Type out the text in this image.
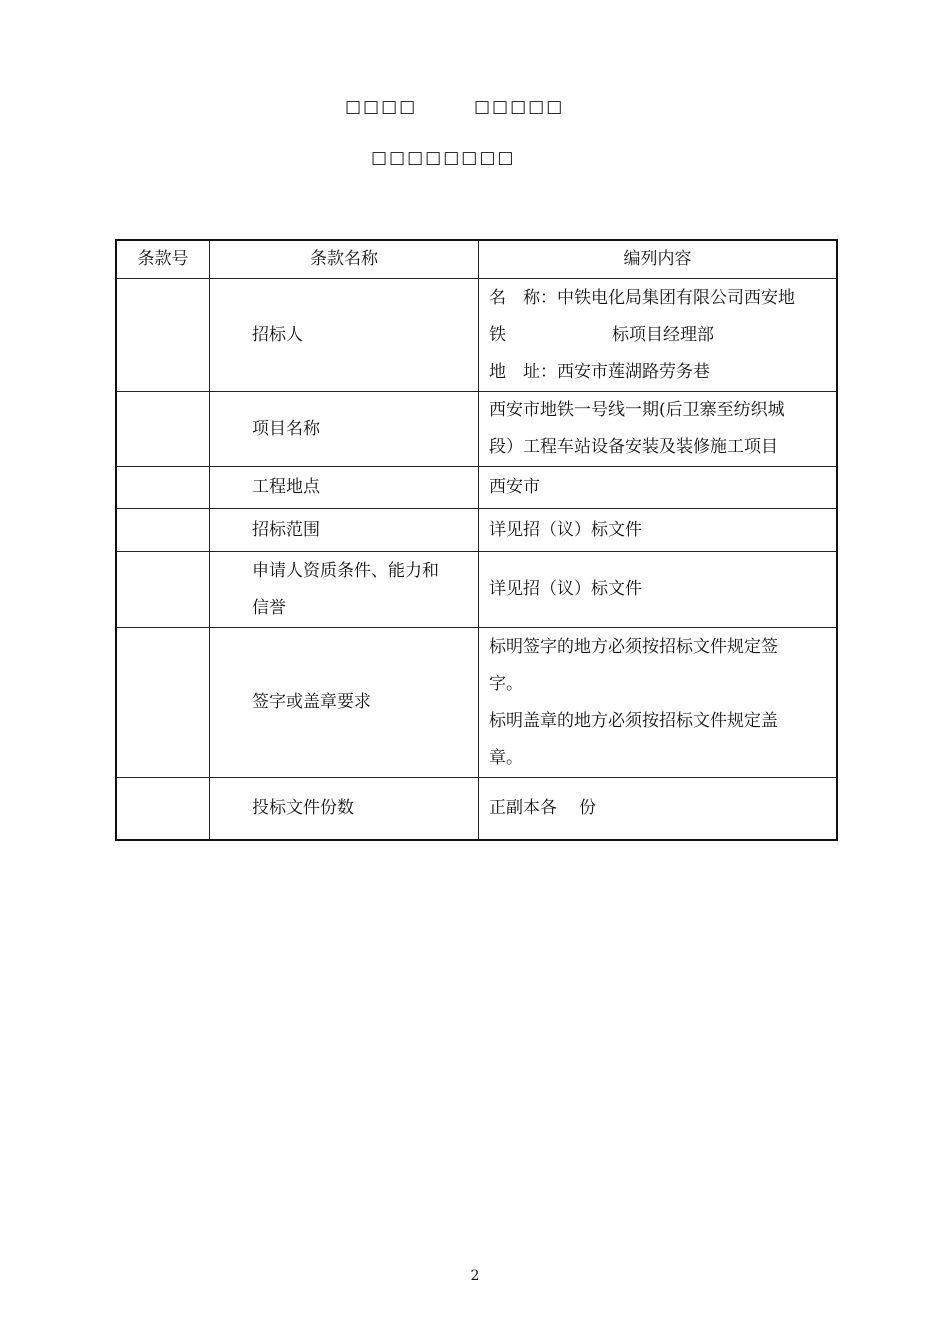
□□□□	□□□□□
□□□□□□□□
条款号	条款名称	编列内容
	招标人	名　称：中铁电化局集团有限公司西安地
铁 标项目经理部
地　址：西安市莲湖路劳务巷

	项目名称	西安市地铁一号线一期(后卫寨至纺织城
段）工程车站设备安装及装修施工项目

	工程地点	西安市

	招标范围	详见招（议）标文件

	申请人资质条件、能力和
信誉	详见招（议）标文件

	签字或盖章要求	标明签字的地方必须按招标文件规定签
字。
标明盖章的地方必须按招标文件规定盖
章。

	投标文件份数	正副本各 份
2
